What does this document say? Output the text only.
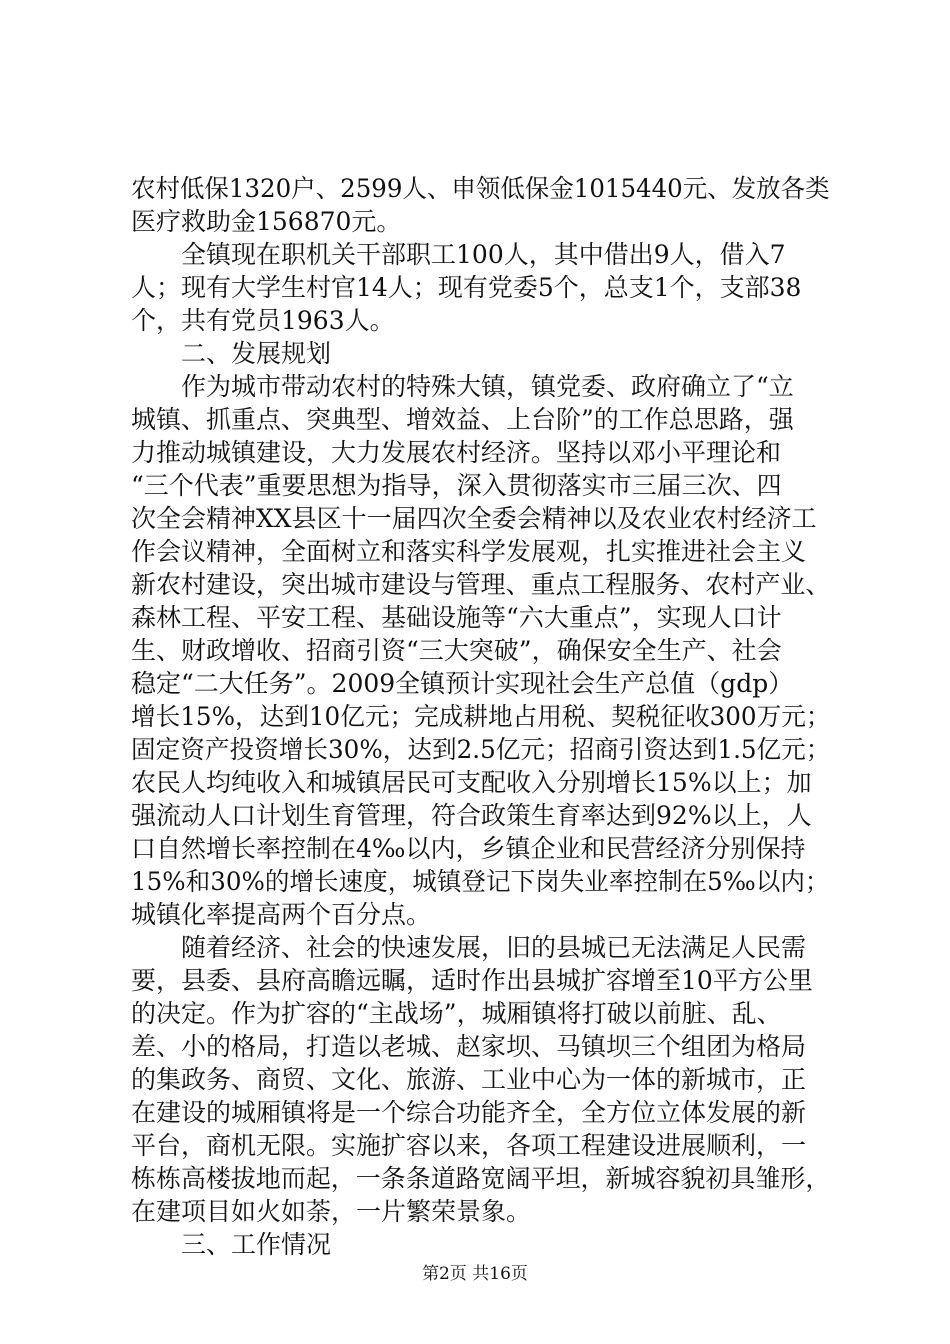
农村低保1320户、2599人、申领低保金1015440元、发放各类
医疗救助金156870元。
全镇现在职机关干部职工100人，其中借出9人，借入7
人；现有大学生村官14人；现有党委5个，总支1个，支部38
个，共有党员1963人。
二、发展规划
作为城市带动农村的特殊大镇，镇党委、政府确立了“立
城镇、抓重点、突典型、增效益、上台阶”的工作总思路，强
力推动城镇建设，大力发展农村经济。坚持以邓小平理论和
“三个代表”重要思想为指导，深入贯彻落实市三届三次、四
次全会精神XX县区十一届四次全委会精神以及农业农村经济工
作会议精神，全面树立和落实科学发展观，扎实推进社会主义
新农村建设，突出城市建设与管理、重点工程服务、农村产业、
森林工程、平安工程、基础设施等“六大重点”，实现人口计
生、财政增收、招商引资“三大突破”，确保安全生产、社会
稳定“二大任务”。2009全镇预计实现社会生产总值（gdp）
增长15%，达到10亿元；完成耕地占用税、契税征收300万元；
固定资产投资增长30%，达到2.5亿元；招商引资达到1.5亿元；
农民人均纯收入和城镇居民可支配收入分别增长15%以上；加
强流动人口计划生育管理，符合政策生育率达到92%以上，人
口自然增长率控制在4‰以内，乡镇企业和民营经济分别保持
15%和30%的增长速度，城镇登记下岗失业率控制在5‰以内；
城镇化率提高两个百分点。
随着经济、社会的快速发展，旧的县城已无法满足人民需
要，县委、县府高瞻远瞩，适时作出县城扩容增至10平方公里
的决定。作为扩容的“主战场”，城厢镇将打破以前脏、乱、
差、小的格局，打造以老城、赵家坝、马镇坝三个组团为格局
的集政务、商贸、文化、旅游、工业中心为一体的新城市，正
在建设的城厢镇将是一个综合功能齐全，全方位立体发展的新
平台，商机无限。实施扩容以来，各项工程建设进展顺利，一
栋栋高楼拔地而起，一条条道路宽阔平坦，新城容貌初具雏形，
在建项目如火如荼，一片繁荣景象。
三、工作情况
第2页 共16页
